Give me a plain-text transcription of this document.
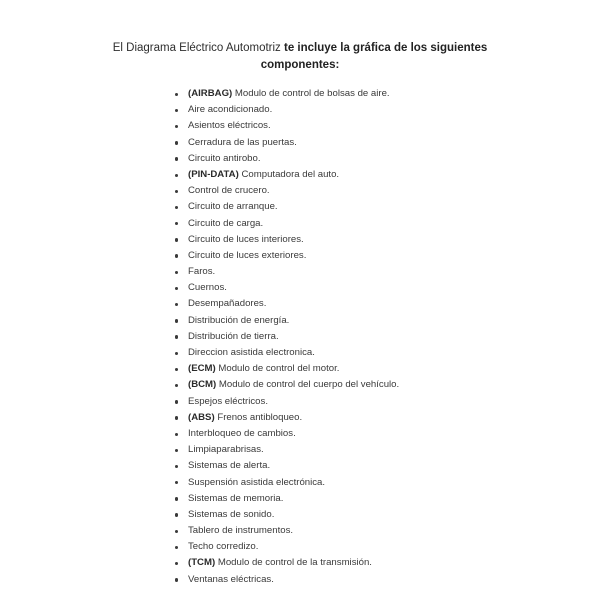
El Diagrama Eléctrico Automotriz te incluye la gráfica de los siguientes
componentes:
(AIRBAG) Modulo de control de bolsas de aire.
Aire acondicionado.
Asientos eléctricos.
Cerradura de las puertas.
Circuito antirobo.
(PIN-DATA) Computadora del auto.
Control de crucero.
Circuito de arranque.
Circuito de carga.
Circuito de luces interiores.
Circuito de luces exteriores.
Faros.
Cuernos.
Desempañadores.
Distribución de energía.
Distribución de tierra.
Direccion asistida electronica.
(ECM) Modulo de control del motor.
(BCM) Modulo de control del cuerpo del vehículo.
Espejos eléctricos.
(ABS) Frenos antibloqueo.
Interbloqueo de cambios.
Limpiaparabrisas.
Sistemas de alerta.
Suspensión asistida electrónica.
Sistemas de memoria.
Sistemas de sonido.
Tablero de instrumentos.
Techo corredizo.
(TCM) Modulo de control de la transmisión.
Ventanas eléctricas.
